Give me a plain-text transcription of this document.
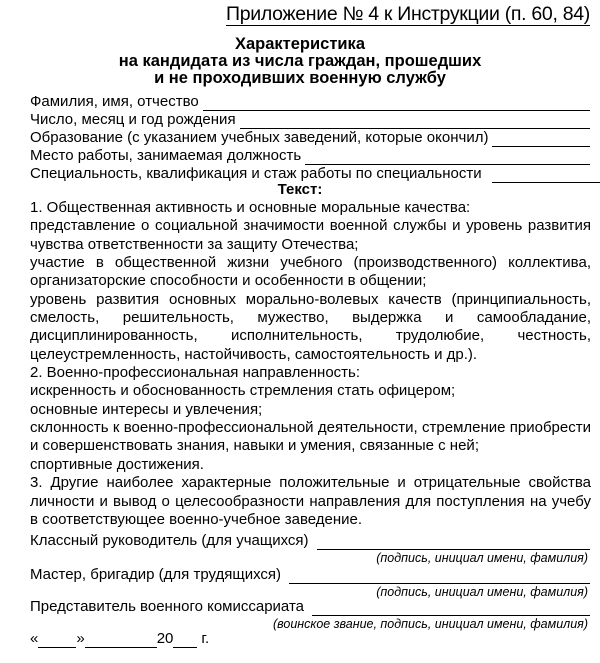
Приложение № 4 к Инструкции (п. 60, 84)
Характеристика
на кандидата из числа граждан, прошедших
и не проходивших военную службу
Фамилия, имя, отчество
Число, месяц и год рождения
Образование (с указанием учебных заведений, которые окончил)
Место работы, занимаемая должность
Специальность, квалификация и стаж работы по специальности
Текст:
1. Общественная активность и основные моральные качества:
представление о социальной значимости военной службы и уровень развития чувства ответственности за защиту Отечества;
участие в общественной жизни учебного (производственного) коллектива, организаторские способности и особенности в общении;
уровень развития основных морально-волевых качеств (принципиальность, смелость, решительность, мужество, выдержка и самообладание, дисциплинированность, исполнительность, трудолюбие, честность, целеустремленность, настойчивость, самостоятельность и др.).
2. Военно-профессиональная направленность:
искренность и обоснованность стремления стать офицером;
основные интересы и увлечения;
склонность к военно-профессиональной деятельности, стремление приобрести и совершенствовать знания, навыки и умения, связанные с ней;
спортивные достижения.
3. Другие наиболее характерные положительные и отрицательные свойства личности и вывод о целесообразности направления для поступления на учебу в соответствующее военно-учебное заведение.
Классный руководитель (для учащихся)
(подпись, инициал имени, фамилия)
Мастер, бригадир (для трудящихся)
(подпись, инициал имени, фамилия)
Представитель военного комиссариата
(воинское звание, подпись, инициал имени, фамилия)
«	»	20 г.
